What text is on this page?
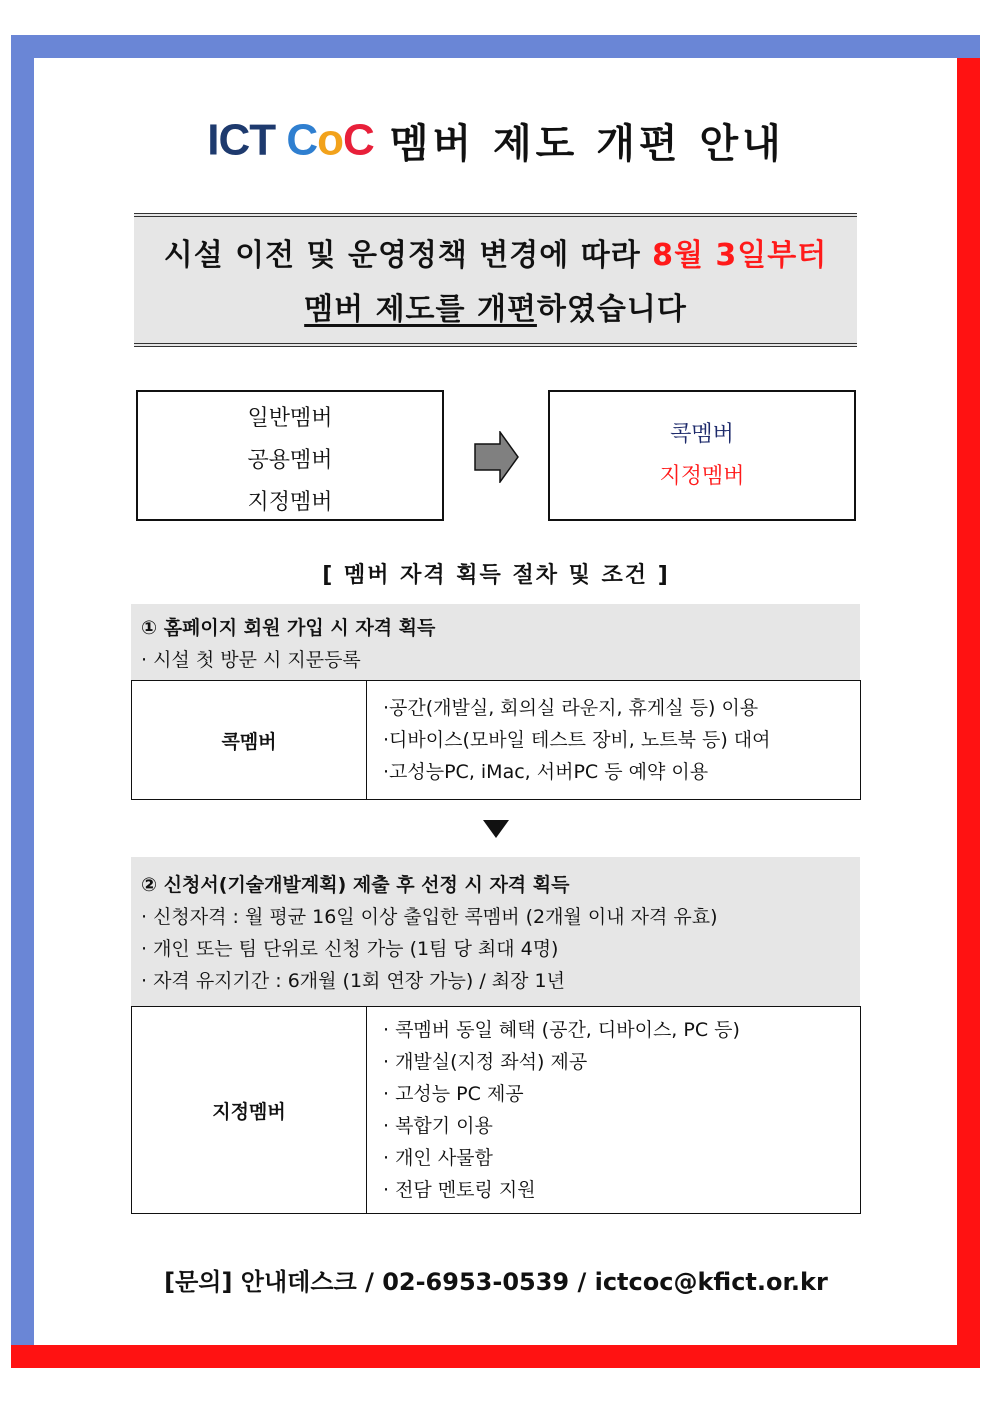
ICT CoC 멤버 제도 개편 안내
시설 이전 및 운영정책 변경에 따라 8월 3일부터
멤버 제도를 개편하였습니다
일반멤버
공용멤버
지정멤버
콕멤버
지정멤버
[ 멤버 자격 획득 절차 및 조건 ]
① 홈페이지 회원 가입 시 자격 획득
· 시설 첫 방문 시 지문등록
콕멤버	
·공간(개발실, 회의실 라운지, 휴게실 등) 이용
·디바이스(모바일 테스트 장비, 노트북 등) 대여
·고성능PC, iMac, 서버PC 등 예약 이용
② 신청서(기술개발계획) 제출 후 선정 시 자격 획득
· 신청자격 : 월 평균 16일 이상 출입한 콕멤버 (2개월 이내 자격 유효)
· 개인 또는 팀 단위로 신청 가능 (1팀 당 최대 4명)
· 자격 유지기간 : 6개월 (1회 연장 가능) / 최장 1년
지정멤버	
· 콕멤버 동일 혜택 (공간, 디바이스, PC 등)
· 개발실(지정 좌석) 제공
· 고성능 PC 제공
· 복합기 이용
· 개인 사물함
· 전담 멘토링 지원
[문의] 안내데스크 / 02-6953-0539 / ictcoc@kfict.or.kr
